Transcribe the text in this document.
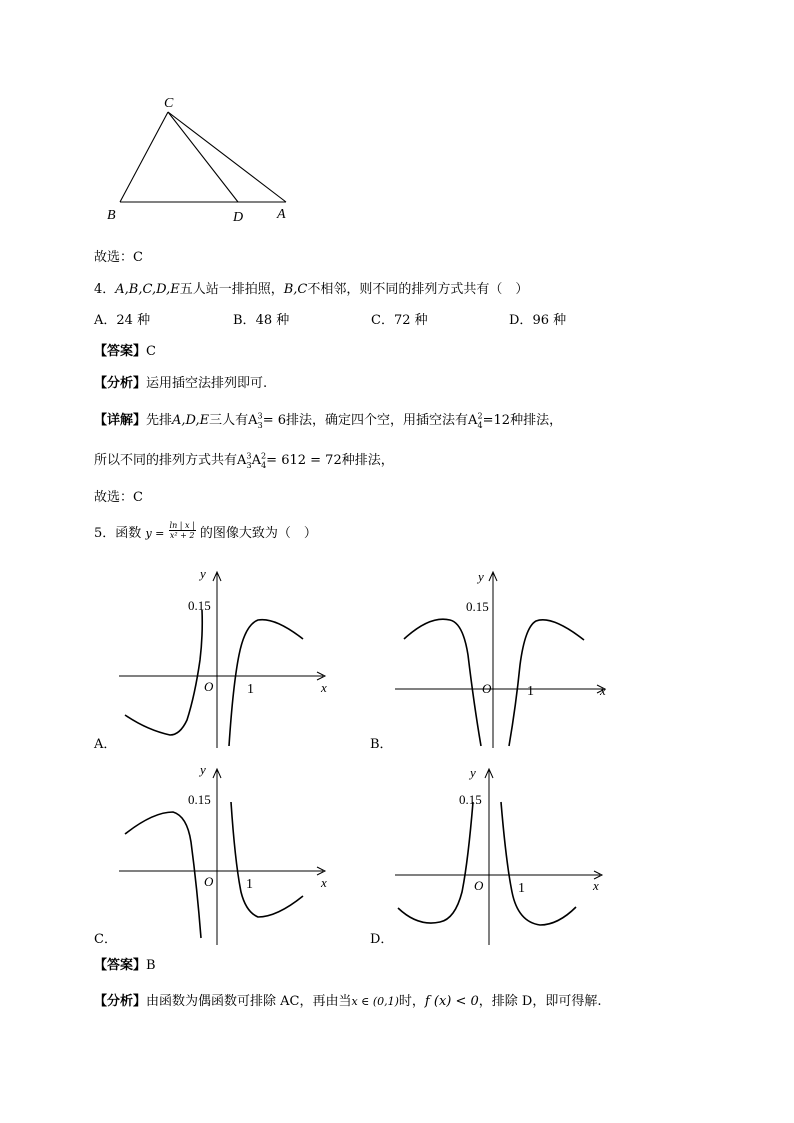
C
B	D A
故选：C
4．A,B,C,D,E五人站一排拍照，B,C不相邻，则不同的排列方式共有（　）
A．24 种	B．48 种	C．72 种	D．96 种
【答案】C
【分析】运用插空法排列即可.
【详解】先排A,D,E三人有$A^3_3= 6$排法，确定四个空，用插空法有$A^2_4=12$种排法，
所以不同的排列方式共有$A^3_3A^2_4= 612 = 72$种排法，
故选：C
5．函数 $y = \frac{\ln | x |}{\text{x² + 2}}$ 的图像大致为（　）
y
0.15
O 1	x
A．
y
0.15
O	1	x
B．
y
0.15
O 1	x
C．
y
0.15
O 1	x
D．
【答案】B
【分析】由函数为偶函数可排除 AC，再由当x ∈ (0,1)时，f (x) < 0，排除 D，即可得解.
